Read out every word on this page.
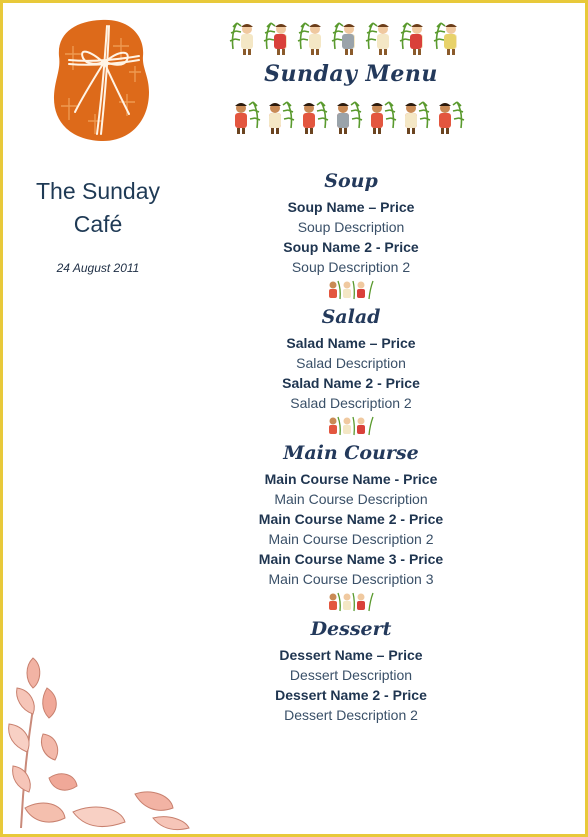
Sunday Menu
The Sunday
Café
24 August 2011
Soup
Soup Name – Price
Soup Description
Soup Name 2 - Price
Soup Description 2
Salad
Salad Name – Price
Salad Description
Salad Name 2 - Price
Salad Description 2
Main Course
Main Course Name - Price
Main Course Description
Main Course Name 2 - Price
Main Course Description 2
Main Course Name 3 - Price
Main Course Description 3
Dessert
Dessert Name – Price
Dessert Description
Dessert Name 2 - Price
Dessert Description 2
